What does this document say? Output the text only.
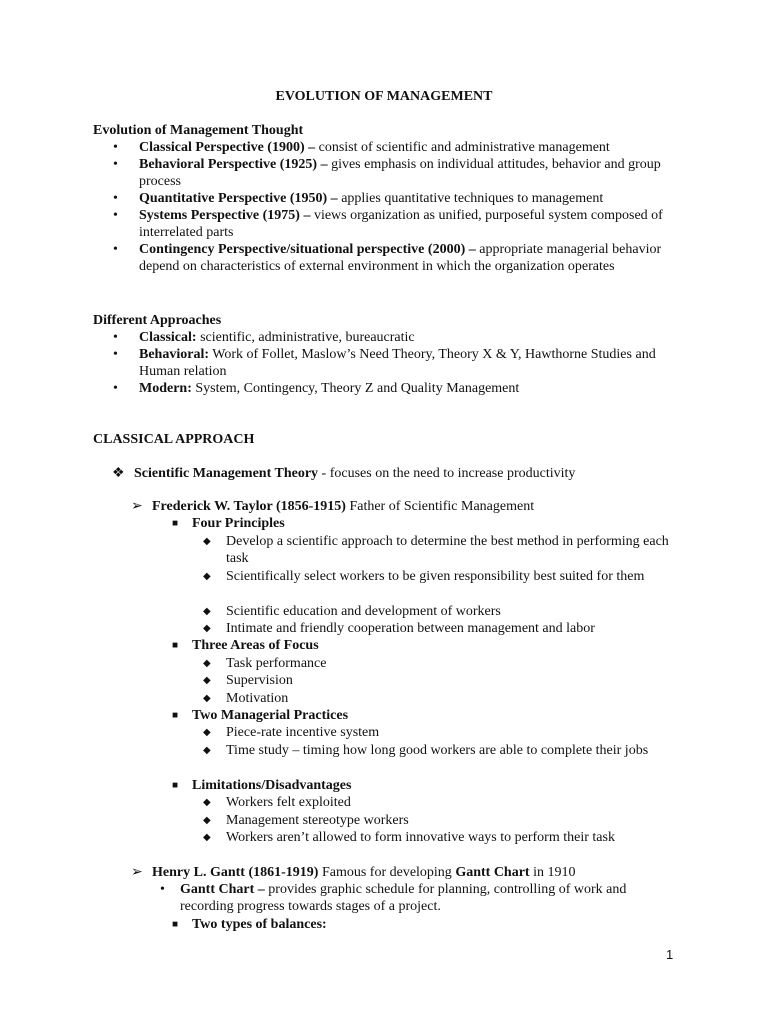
EVOLUTION OF MANAGEMENT
Evolution of Management Thought
• Classical Perspective (1900) – consist of scientific and administrative management
• Behavioral Perspective (1925) – gives emphasis on individual attitudes, behavior and group process
• Quantitative Perspective (1950) – applies quantitative techniques to management
• Systems Perspective (1975) – views organization as unified, purposeful system composed of interrelated parts
• Contingency Perspective/situational perspective (2000) – appropriate managerial behavior depend on characteristics of external environment in which the organization operates
Different Approaches
• Classical: scientific, administrative, bureaucratic
• Behavioral: Work of Follet, Maslow’s Need Theory, Theory X & Y, Hawthorne Studies and Human relation
• Modern: System, Contingency, Theory Z and Quality Management
CLASSICAL APPROACH
❖ Scientific Management Theory - focuses on the need to increase productivity
➢ Frederick W. Taylor (1856-1915) Father of Scientific Management
■ Four Principles
◆	Develop a scientific approach to determine the best method in performing each task
◆	Scientifically select workers to be given responsibility best suited for them
◆	Scientific education and development of workers
◆	Intimate and friendly cooperation between management and labor
■ Three Areas of Focus
◆	Task performance
◆	Supervision
◆	Motivation
■ Two Managerial Practices
◆	Piece-rate incentive system
◆	Time study – timing how long good workers are able to complete their jobs
■ Limitations/Disadvantages
◆	Workers felt exploited
◆	Management stereotype workers
◆	Workers aren’t allowed to form innovative ways to perform their task
➢ Henry L. Gantt (1861-1919) Famous for developing Gantt Chart in 1910
•	Gantt Chart – provides graphic schedule for planning, controlling of work and recording progress towards stages of a project.
■ Two types of balances:
1
